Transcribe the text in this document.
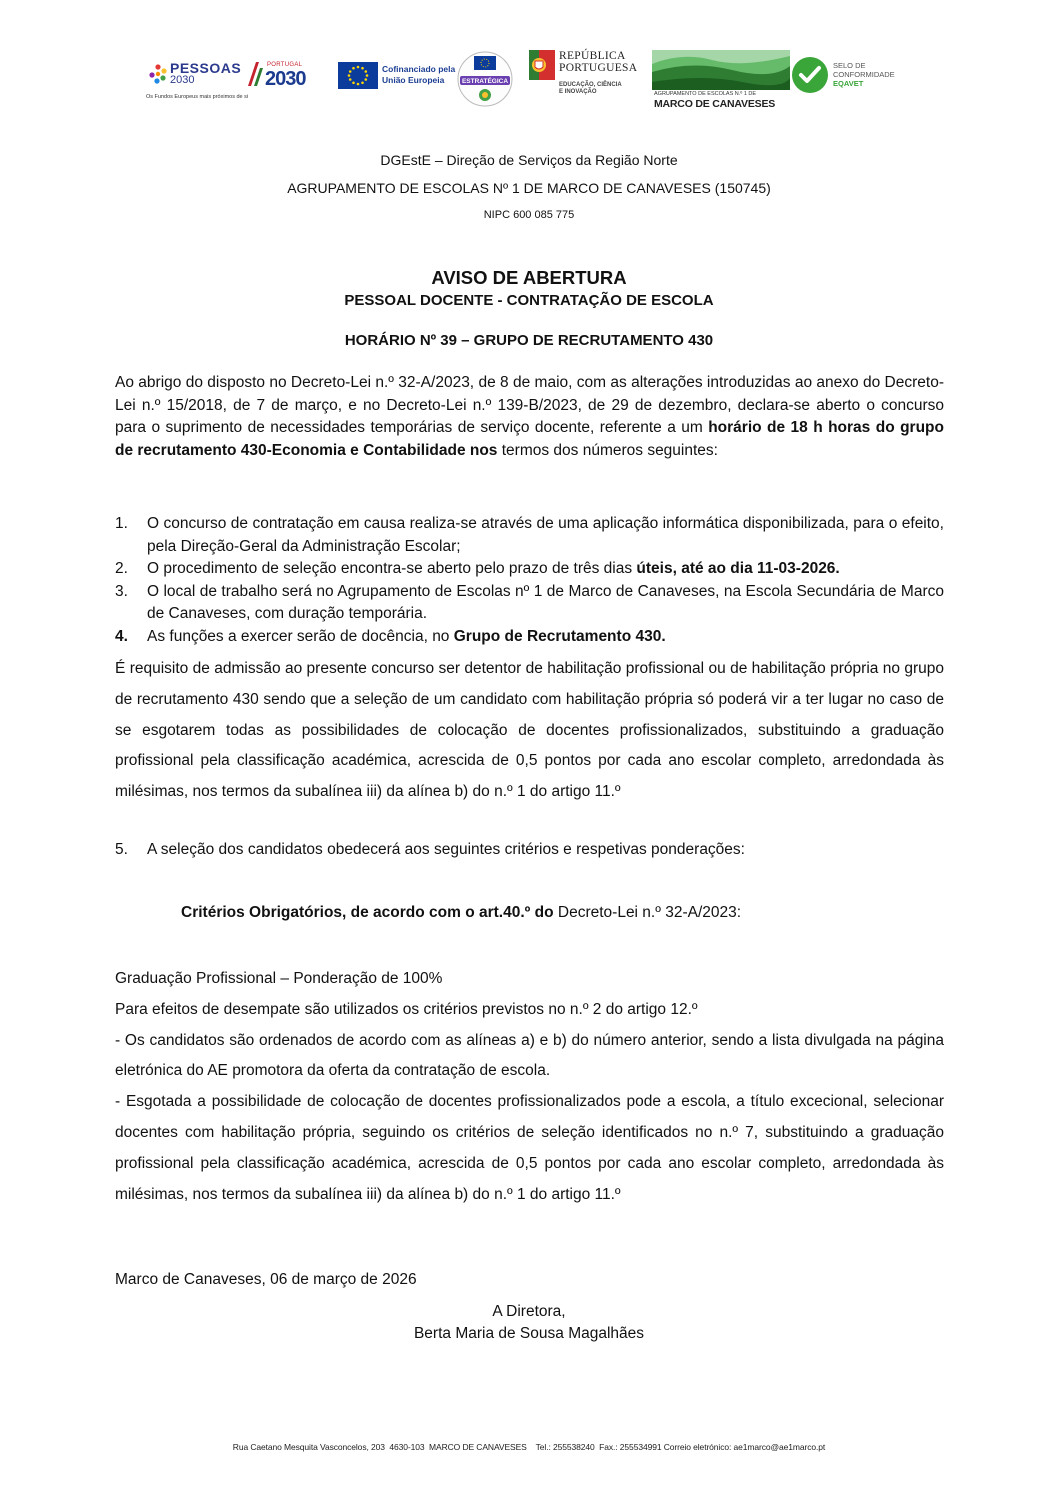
PESSOAS
2030
Os Fundos Europeus mais próximos de si
PORTUGAL
2030	Cofinanciado pela
União Europeia	ESTRATÉGICA
REPÚBLICA
PORTUGUESA
EDUCAÇÃO, CIÊNCIA
E INOVAÇÃO	AGRUPAMENTO DE ESCOLAS N.º 1 DE
MARCO DE CANAVESES
SELO DE
CONFORMIDADE
EQAVET
DGEstE – Direção de Serviços da Região Norte
AGRUPAMENTO DE ESCOLAS Nº 1 DE MARCO DE CANAVESES (150745)
NIPC 600 085 775
AVISO DE ABERTURA
PESSOAL DOCENTE - CONTRATAÇÃO DE ESCOLA
HORÁRIO Nº 39 – GRUPO DE RECRUTAMENTO 430
Ao abrigo do disposto no Decreto-Lei n.º 32-A/2023, de 8 de maio, com as alterações introduzidas ao anexo do Decreto-Lei n.º 15/2018, de 7 de março, e no Decreto-Lei n.º 139-B/2023, de 29 de dezembro, declara-se aberto o concurso para o suprimento de necessidades temporárias de serviço docente, referente a um horário de 18 h horas do grupo de recrutamento 430-Economia e Contabilidade nos termos dos números seguintes:
1. O concurso de contratação em causa realiza-se através de uma aplicação informática disponibilizada, para o efeito, pela Direção-Geral da Administração Escolar;
2. O procedimento de seleção encontra-se aberto pelo prazo de três dias úteis, até ao dia 11-03-2026.
3. O local de trabalho será no Agrupamento de Escolas nº 1 de Marco de Canaveses, na Escola Secundária de Marco de Canaveses, com duração temporária.
4. As funções a exercer serão de docência, no Grupo de Recrutamento 430.
É requisito de admissão ao presente concurso ser detentor de habilitação profissional ou de habilitação própria no grupo de recrutamento 430 sendo que a seleção de um candidato com habilitação própria só poderá vir a ter lugar no caso de se esgotarem todas as possibilidades de colocação de docentes profissionalizados, substituindo a graduação profissional pela classificação académica, acrescida de 0,5 pontos por cada ano escolar completo, arredondada às milésimas, nos termos da subalínea iii) da alínea b) do n.º 1 do artigo 11.º
5. A seleção dos candidatos obedecerá aos seguintes critérios e respetivas ponderações:
Critérios Obrigatórios, de acordo com o art.40.º do Decreto-Lei n.º 32-A/2023:
Graduação Profissional – Ponderação de 100%
Para efeitos de desempate são utilizados os critérios previstos no n.º 2 do artigo 12.º
- Os candidatos são ordenados de acordo com as alíneas a) e b) do número anterior, sendo a lista divulgada na página eletrónica do AE promotora da oferta da contratação de escola.
- Esgotada a possibilidade de colocação de docentes profissionalizados pode a escola, a título excecional, selecionar docentes com habilitação própria, seguindo os critérios de seleção identificados no n.º 7, substituindo a graduação profissional pela classificação académica, acrescida de 0,5 pontos por cada ano escolar completo, arredondada às milésimas, nos termos da subalínea iii) da alínea b) do n.º 1 do artigo 11.º
Marco de Canaveses, 06 de março de 2026
A Diretora,
Berta Maria de Sousa Magalhães
Rua Caetano Mesquita Vasconcelos, 203  4630-103  MARCO DE CANAVESES    Tel.: 255538240  Fax.: 255534991 Correio eletrónico: ae1marco@ae1marco.pt
